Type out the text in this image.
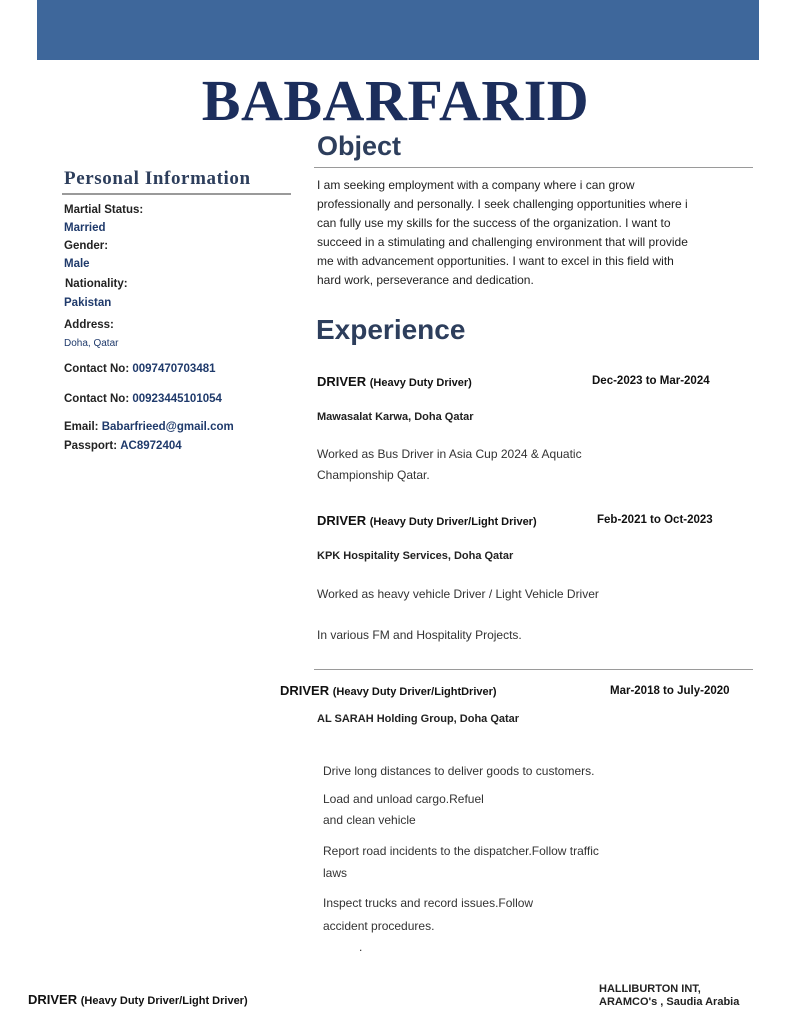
BABARFARID
Personal Information
Martial Status:
Married
Gender:
Male
Nationality:
Pakistan
Address:
Doha, Qatar
Contact No: 0097470703481
Contact No: 00923445101054
Email: Babarfrieed@gmail.com
Passport: AC8972404
Object
I am seeking employment with a company where i can grow
professionally and personally. I seek challenging opportunities where i
can fully use my skills for the success of the organization. I want to
succeed in a stimulating and challenging environment that will provide
me with advancement opportunities. I want to excel in this field with
hard work, perseverance and dedication.
Experience
DRIVER (Heavy Duty Driver)	Dec-2023 to Mar-2024
Mawasalat Karwa, Doha Qatar
Worked as Bus Driver in Asia Cup 2024 & Aquatic
Championship Qatar.
DRIVER (Heavy Duty Driver/Light Driver)	Feb-2021 to Oct-2023
KPK Hospitality Services, Doha Qatar
Worked as heavy vehicle Driver / Light Vehicle Driver
In various FM and Hospitality Projects.
DRIVER (Heavy Duty Driver/LightDriver)	Mar-2018 to July-2020
AL SARAH Holding Group, Doha Qatar
Drive long distances to deliver goods to customers.
Load and unload cargo.Refuel
and clean vehicle
Report road incidents to the dispatcher.Follow traffic
laws
Inspect trucks and record issues.Follow
accident procedures.
.
DRIVER (Heavy Duty Driver/Light Driver)
HALLIBURTON INT,
ARAMCO's , Saudia Arabia
